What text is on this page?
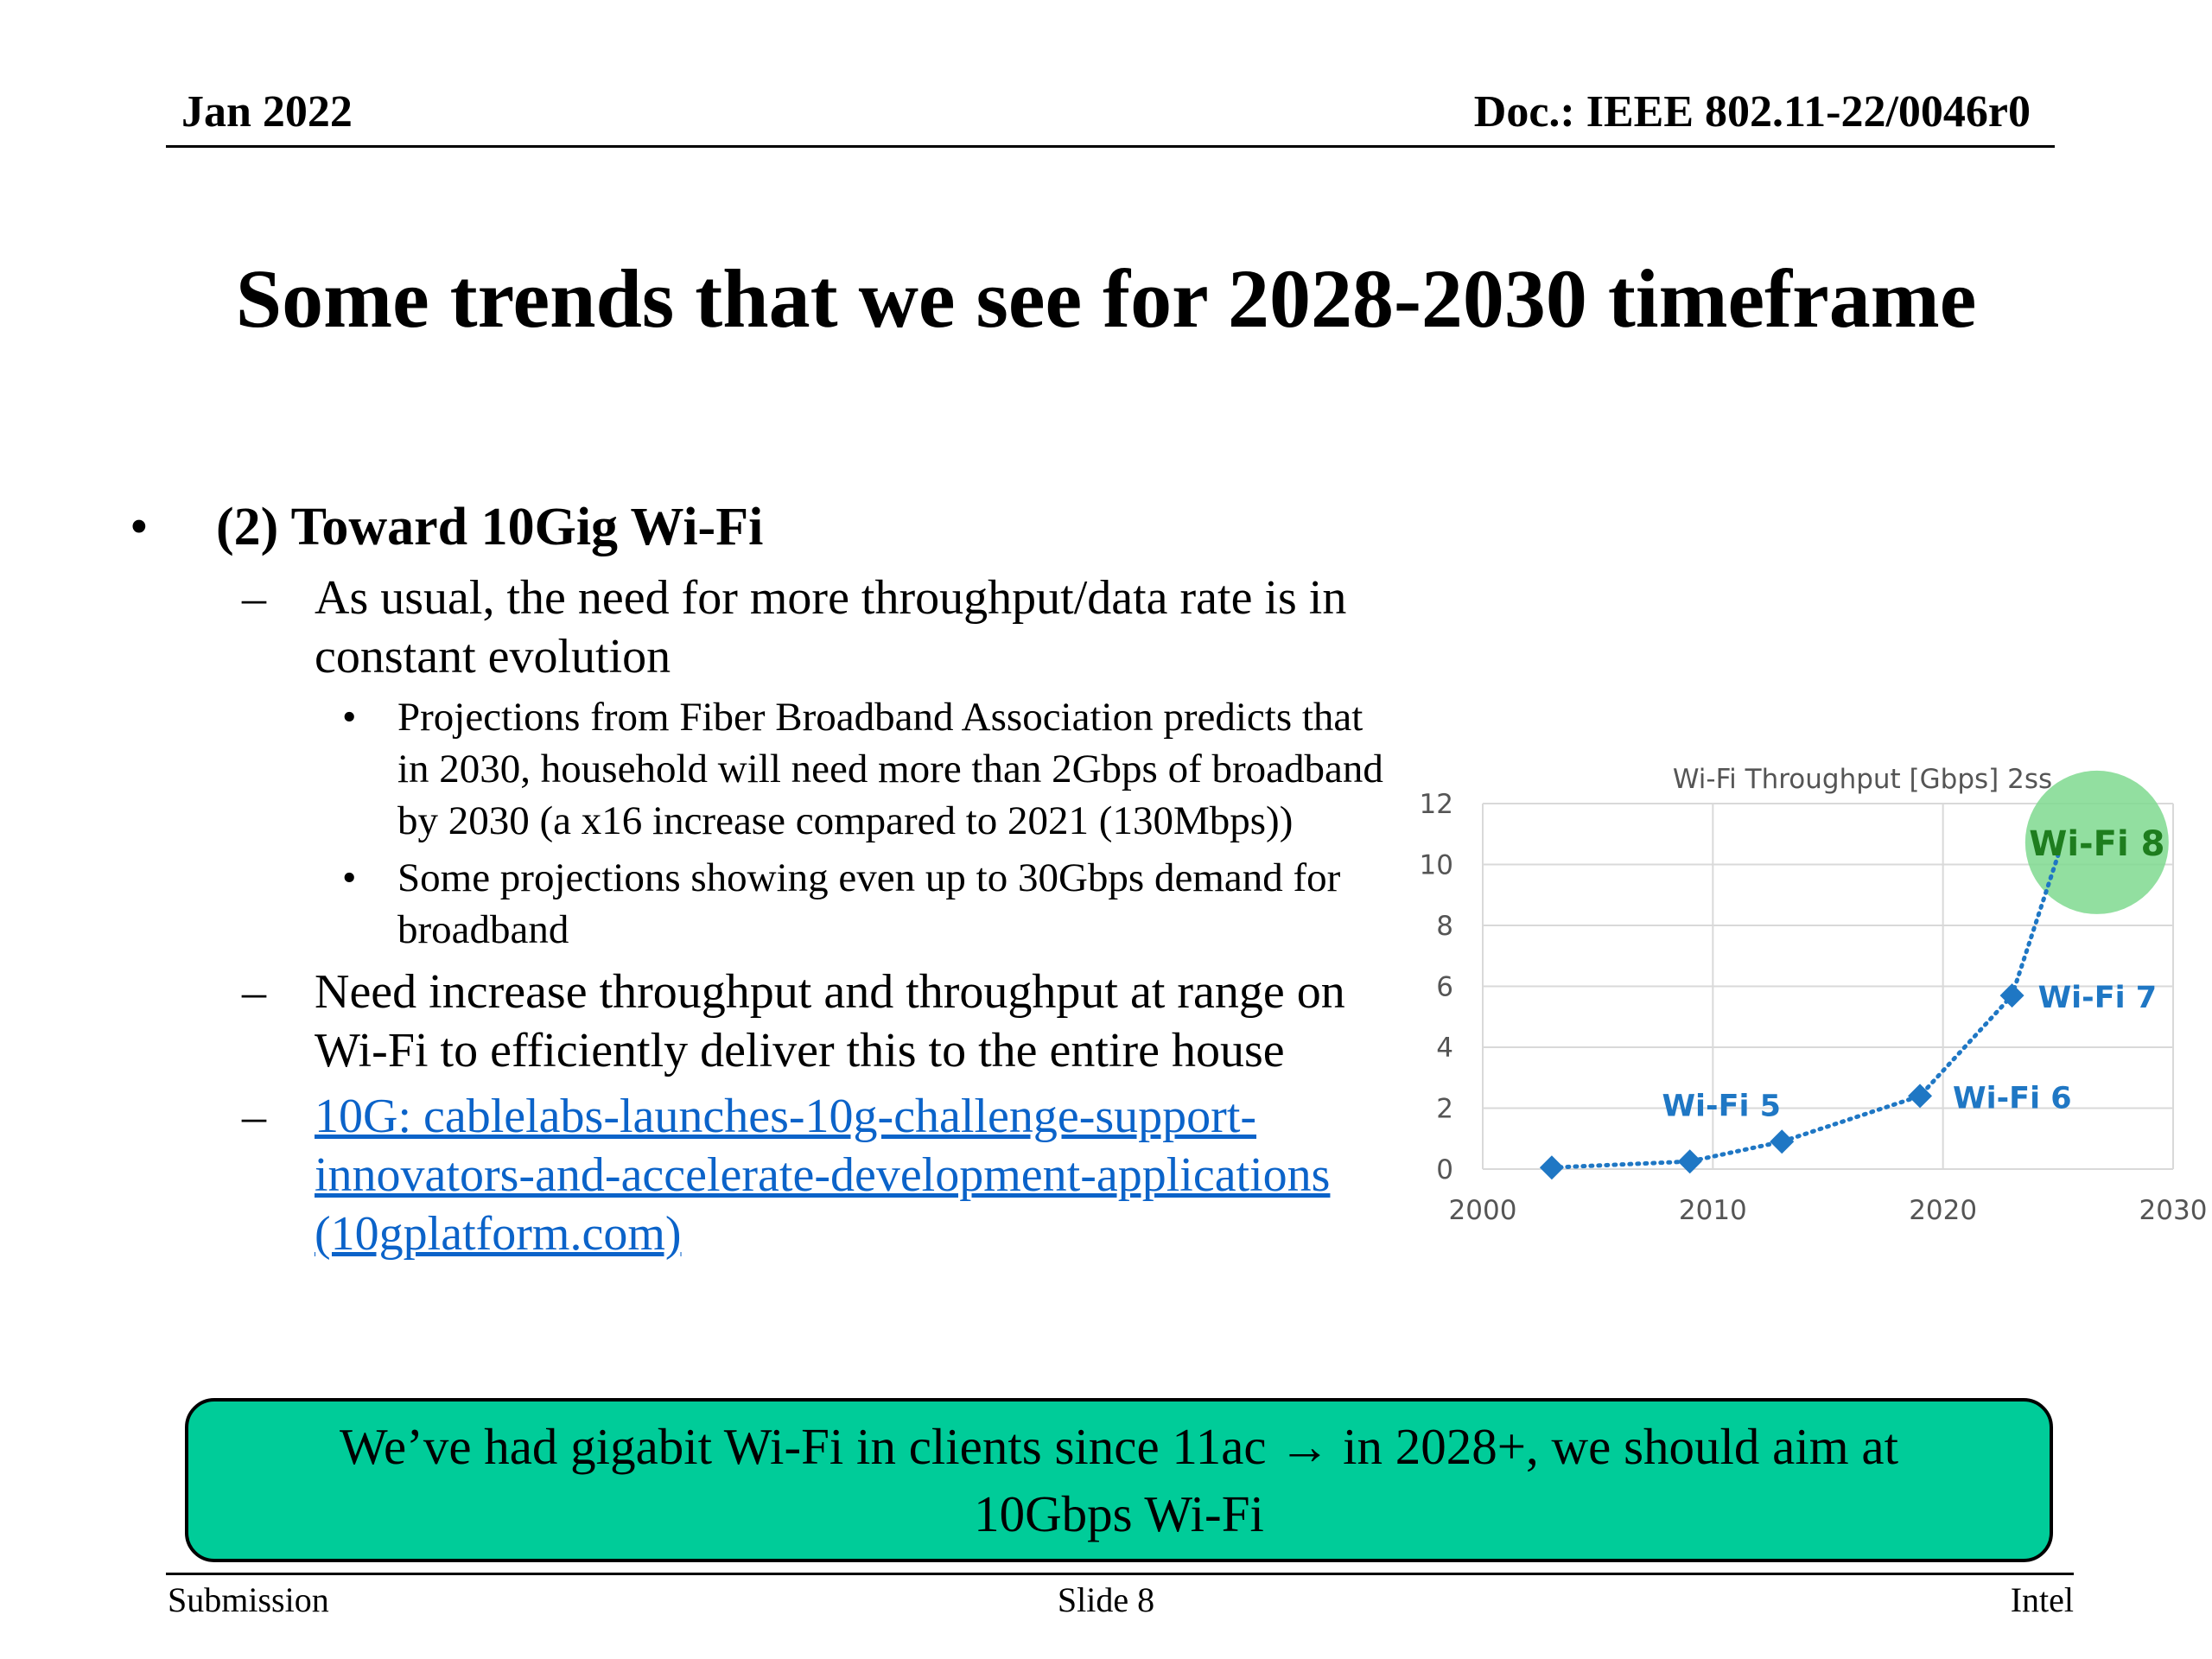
Jan 2022	Doc.: IEEE 802.11-22/0046r0
Some trends that we see for 2028-2030 timeframe
• (2) Toward 10Gig Wi-Fi
– As usual, the need for more throughput/data rate is in constant evolution
• Projections from Fiber Broadband Association predicts that in 2030, household will need more than 2Gbps of broadband by 2030 (a x16 increase compared to 2021 (130Mbps))
• Some projections showing even up to 30Gbps demand for broadband
– Need increase throughput and throughput at range on Wi-Fi to efficiently deliver this to the entire house
– 10G: cablelabs-launches-10g-challenge-support-innovators-and-accelerate-development-applications (10gplatform.com)
Wi-Fi Throughput [Gbps] 2ss
0
2
4
6
8
10
12
2000	2010	2020	2030
Wi-Fi 5	Wi-Fi 6
Wi-Fi 7
Wi-Fi 8
We’ve had gigabit Wi-Fi in clients since 11ac → in 2028+, we should aim at 10Gbps Wi-Fi
Submission	Slide 8	Intel
